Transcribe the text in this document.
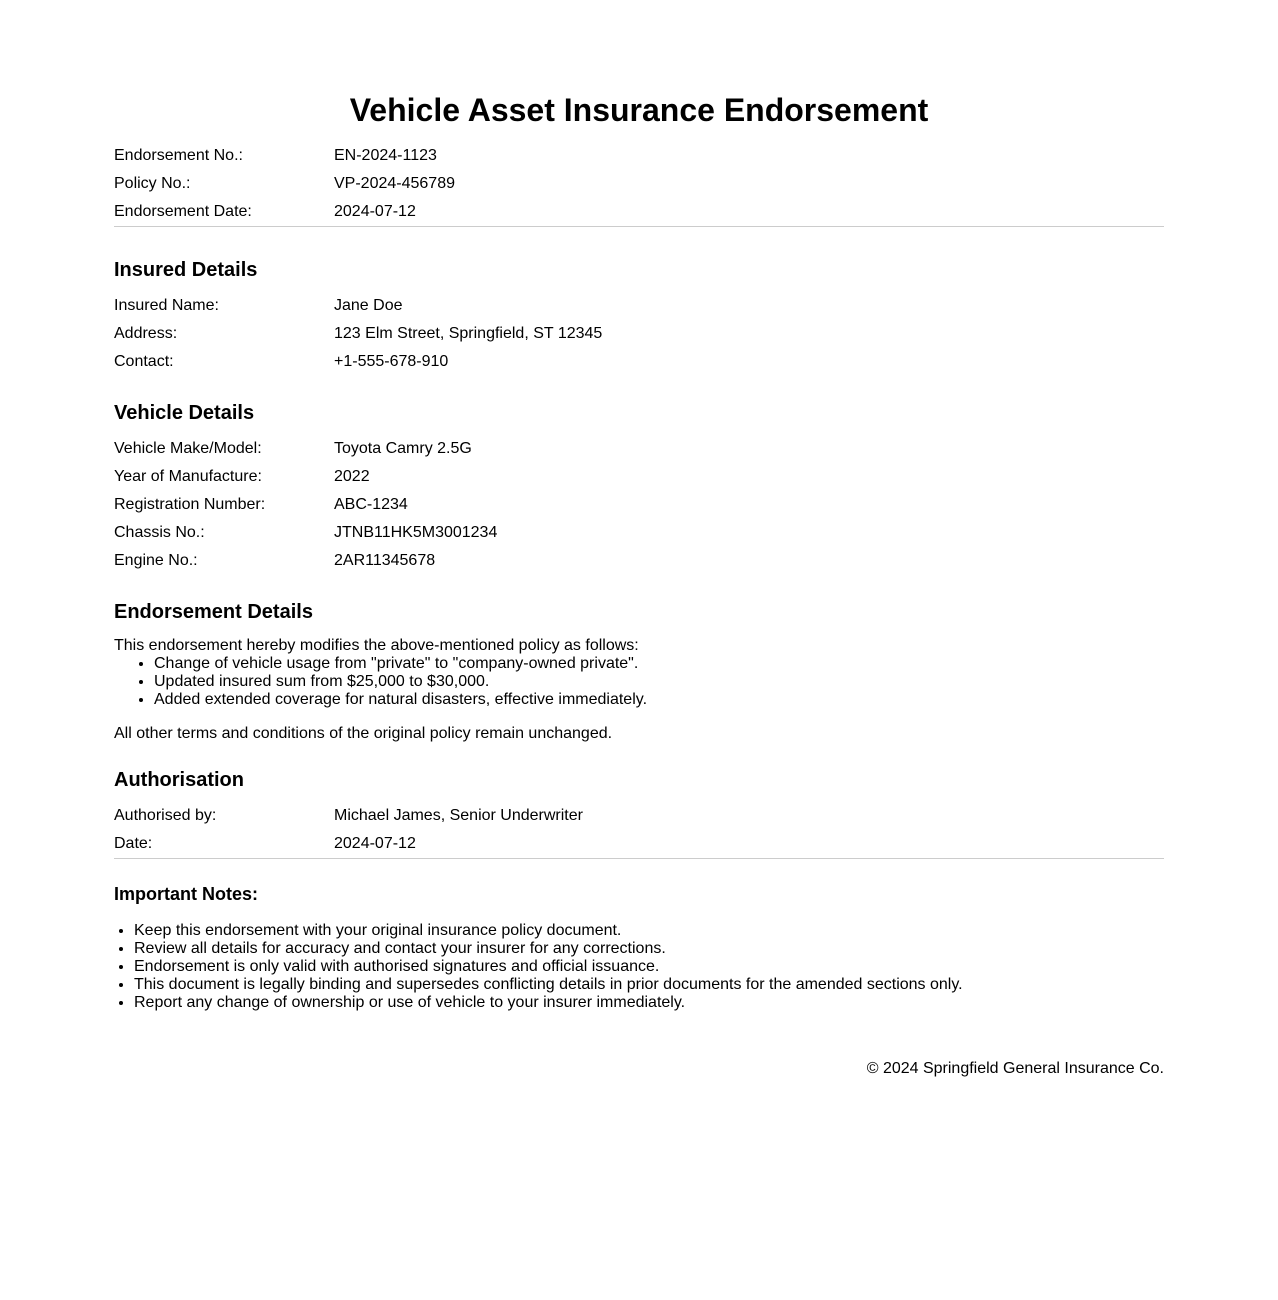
Vehicle Asset Insurance Endorsement
Endorsement No.:	EN-2024-1123
Policy No.:	VP-2024-456789
Endorsement Date:	2024-07-12
Insured Details
Insured Name:	Jane Doe
Address:	123 Elm Street, Springfield, ST 12345
Contact:	+1-555-678-910
Vehicle Details
Vehicle Make/Model:	Toyota Camry 2.5G
Year of Manufacture:	2022
Registration Number:	ABC-1234
Chassis No.:	JTNB11HK5M3001234
Engine No.:	2AR11345678
Endorsement Details

This endorsement hereby modifies the above-mentioned policy as follows:

• Change of vehicle usage from "private" to "company-owned private".
• Updated insured sum from $25,000 to $30,000.
• Added extended coverage for natural disasters, effective immediately.

All other terms and conditions of the original policy remain unchanged.

Authorisation
Authorised by:	Michael James, Senior Underwriter
Date:	2024-07-12
Important Notes:
• Keep this endorsement with your original insurance policy document.
• Review all details for accuracy and contact your insurer for any corrections.
• Endorsement is only valid with authorised signatures and official issuance.
• This document is legally binding and supersedes conflicting details in prior documents for the amended sections only.
• Report any change of ownership or use of vehicle to your insurer immediately.
© 2024 Springfield General Insurance Co.
